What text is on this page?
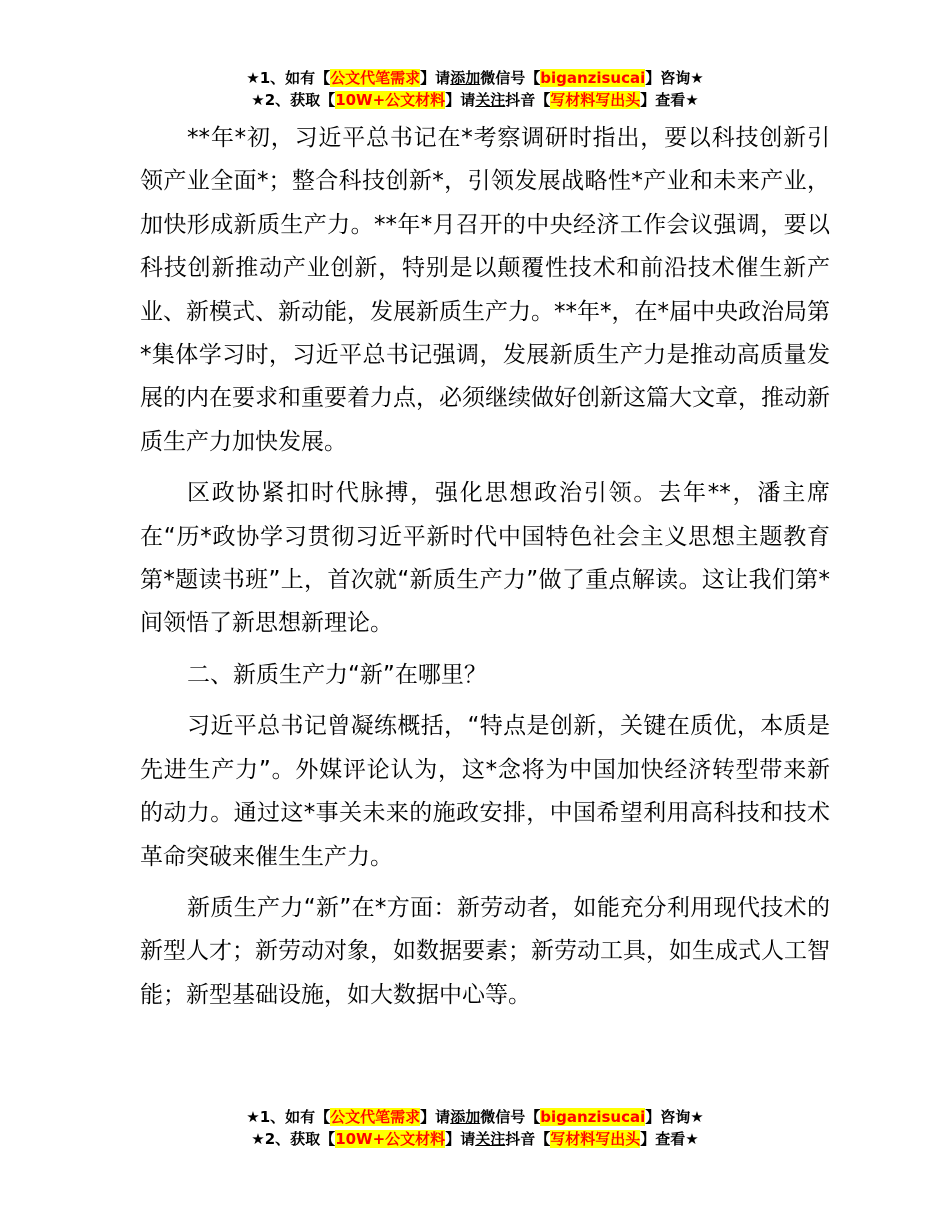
★1、如有【公文代笔需求】请添加微信号【biganzisucai】咨询★
★2、获取【10W+公文材料】请关注抖音【写材料写出头】查看★

**年*初，习近平总书记在*考察调研时指出，要以科技创新引领产业全面*；整合科技创新*，引领发展战略性*产业和未来产业，加快形成新质生产力。**年*月召开的中央经济工作会议强调，要以科技创新推动产业创新，特别是以颠覆性技术和前沿技术催生新产业、新模式、新动能，发展新质生产力。**年*，在*届中央政治局第*集体学习时，习近平总书记强调，发展新质生产力是推动高质量发展的内在要求和重要着力点，必须继续做好创新这篇大文章，推动新质生产力加快发展。

区政协紧扣时代脉搏，强化思想政治引领。去年**，潘主席在“历*政协学习贯彻习近平新时代中国特色社会主义思想主题教育第*题读书班”上，首次就“新质生产力”做了重点解读。这让我们第*间领悟了新思想新理论。

二、新质生产力“新”在哪里？

习近平总书记曾凝练概括，“特点是创新，关键在质优，本质是先进生产力”。外媒评论认为，这*念将为中国加快经济转型带来新的动力。通过这*事关未来的施政安排，中国希望利用高科技和技术革命突破来催生生产力。

新质生产力“新”在*方面：新劳动者，如能充分利用现代技术的新型人才；新劳动对象，如数据要素；新劳动工具，如生成式人工智能；新型基础设施，如大数据中心等。

★1、如有【公文代笔需求】请添加微信号【biganzisucai】咨询★
★2、获取【10W+公文材料】请关注抖音【写材料写出头】查看★
